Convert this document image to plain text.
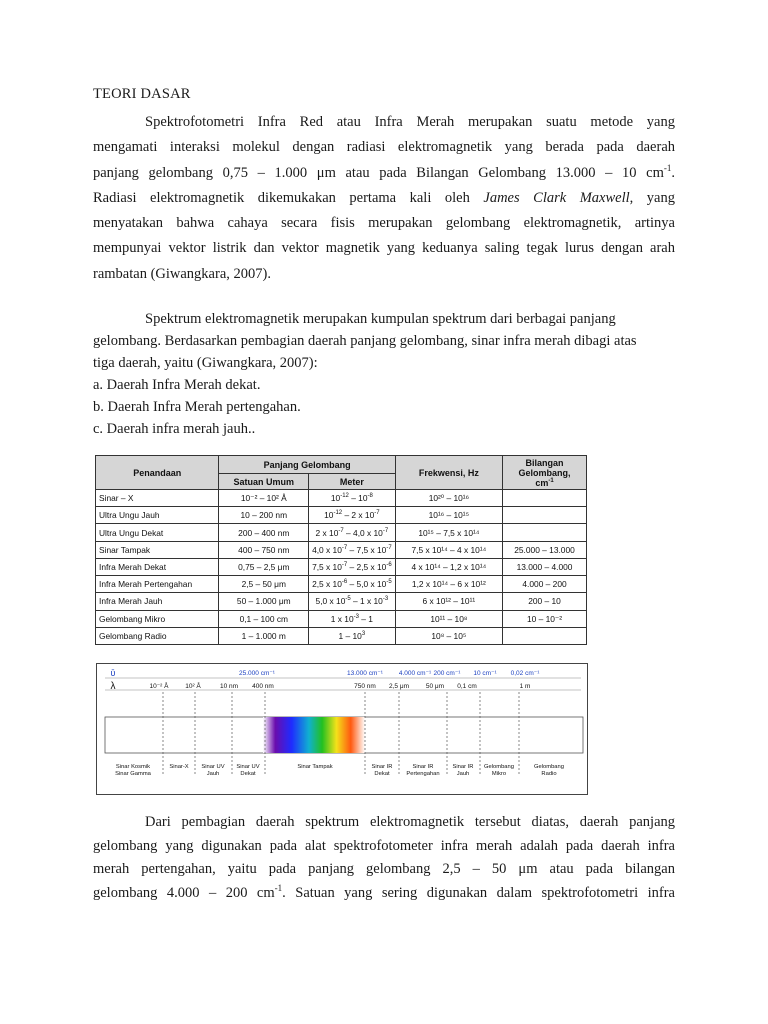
TEORI DASAR
Spektrofotometri Infra Red atau Infra Merah merupakan suatu metode yang
mengamati interaksi molekul dengan radiasi elektromagnetik yang berada pada daerah
panjang gelombang 0,75 – 1.000 μm atau pada Bilangan Gelombang 13.000 – 10 $cm^{-1}$.
Radiasi elektromagnetik dikemukakan pertama kali oleh James Clark Maxwell, yang
menyatakan bahwa cahaya secara fisis merupakan gelombang elektromagnetik, artinya
mempunyai vektor listrik dan vektor magnetik yang keduanya saling tegak lurus dengan arah
rambatan (Giwangkara, 2007).
Spektrum elektromagnetik merupakan kumpulan spektrum dari berbagai panjang
gelombang. Berdasarkan pembagian daerah panjang gelombang, sinar infra merah dibagi atas
tiga daerah, yaitu (Giwangkara, 2007):
a. Daerah Infra Merah dekat.
b. Daerah Infra Merah pertengahan.
c. Daerah infra merah jauh..
Penandaan	Panjang Gelombang		Frekwensi, Hz	Bilangan
Gelombang,
$cm^{-1}$
	Satuan Umum	Meter		
Sinar – X	10⁻² – 10² Å	$10^{-12} - 10^{-8}$	10²⁰ – 10¹⁶	
Ultra Ungu Jauh	10 – 200 nm	$10^{-12} - 2$ x $10^{-7}$	10¹⁶ – 10¹⁵	
Ultra Ungu Dekat	200 – 400 nm	2 x $10^{-7} - 4,0$ x $10^{-7}$	10¹⁵ – 7,5 x 10¹⁴	
Sinar Tampak	400 – 750 nm	4,0 x $10^{-7} - 7,5$ x $10^{-7}$	7,5 x 10¹⁴ – 4 x 10¹⁴	25.000 – 13.000
Infra Merah Dekat	0,75 – 2,5 μm	7,5 x $10^{-7} - 2,5$ x $10^{-6}$	4 x 10¹⁴ – 1,2 x 10¹⁴	13.000 – 4.000
Infra Merah Pertengahan	2,5 – 50 μm	2,5 x $10^{-6} - 5,0$ x $10^{-5}$	1,2 x 10¹⁴ – 6 x 10¹²	4.000 – 200
Infra Merah Jauh	50 – 1.000 μm	5,0 x $10^{-5} - 1$ x $10^{-3}$	6 x 10¹² – 10¹¹	200 – 10
Gelombang Mikro	0,1 – 100 cm	1 x $10^{-3} - 1$	10¹¹ – 10⁸	10 – 10⁻²
Gelombang Radio	1 – 1.000 m	$1 - 10^3$	10⁸ – 10⁵	
ῡ
λ
25.000 cm⁻¹	13.000 cm⁻¹ 4.000 cm⁻¹ 200 cm⁻¹ 10 cm⁻¹ 0,02 cm⁻¹
10⁻² Å	10² Å	10 nm 400 nm	750 nm 2,5 μm	50 μm 0,1 cm	1 m
Sinar Kosmik
Sinar Gamma
Sinar-X Sinar UV
Jauh
Sinar UV
Dekat
Sinar Tampak	Sinar IR
Dekat
Sinar IR
Pertengahan
Sinar IR
Jauh
Gelombang
Mikro
Gelombang
Radio
Dari pembagian daerah spektrum elektromagnetik tersebut diatas, daerah panjang
gelombang yang digunakan pada alat spektrofotometer infra merah adalah pada daerah infra
merah pertengahan, yaitu pada panjang gelombang 2,5 – 50 μm atau pada bilangan
gelombang 4.000 – 200 $cm^{-1}$. Satuan yang sering digunakan dalam spektrofotometri infra
